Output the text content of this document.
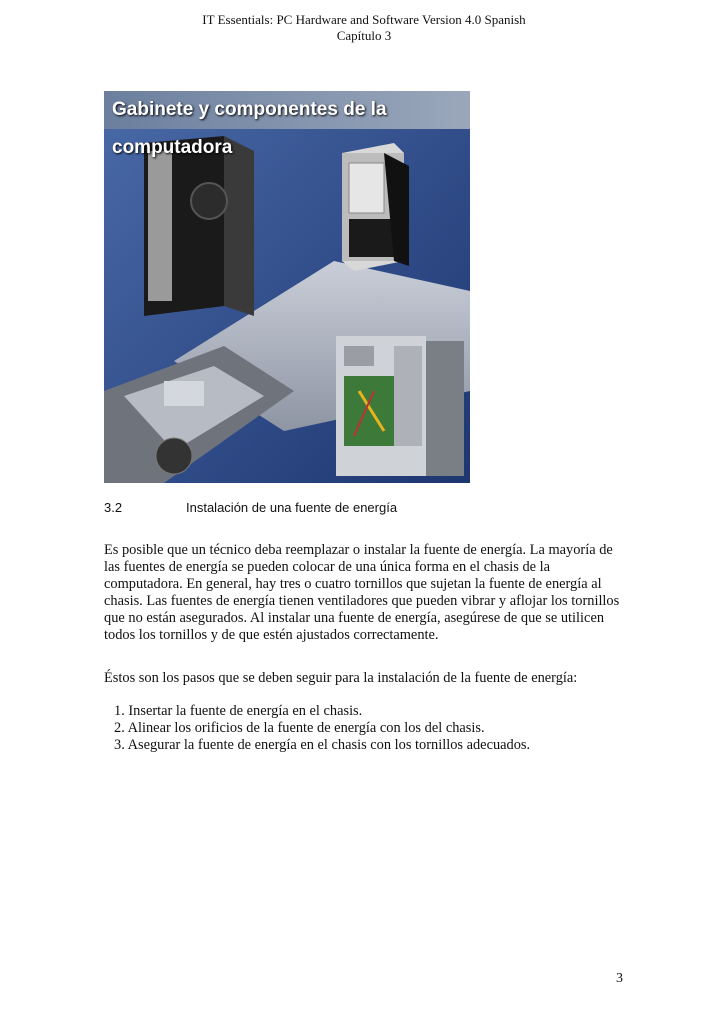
IT Essentials: PC Hardware and Software Version 4.0 Spanish
Capítulo 3
Gabinete y componentes de la computadora
3.2	Instalación de una fuente de energía

Es posible que un técnico deba reemplazar o instalar la fuente de energía. La mayoría de las fuentes de energía se pueden colocar de una única forma en el chasis de la computadora. En general, hay tres o cuatro tornillos que sujetan la fuente de energía al chasis. Las fuentes de energía tienen ventiladores que pueden vibrar y aflojar los tornillos que no están asegurados. Al instalar una fuente de energía, asegúrese de que se utilicen todos los tornillos y de que estén ajustados correctamente.

Éstos son los pasos que se deben seguir para la instalación de la fuente de energía:

1. Insertar la fuente de energía en el chasis.
2. Alinear los orificios de la fuente de energía con los del chasis.
3. Asegurar la fuente de energía en el chasis con los tornillos adecuados.
3
